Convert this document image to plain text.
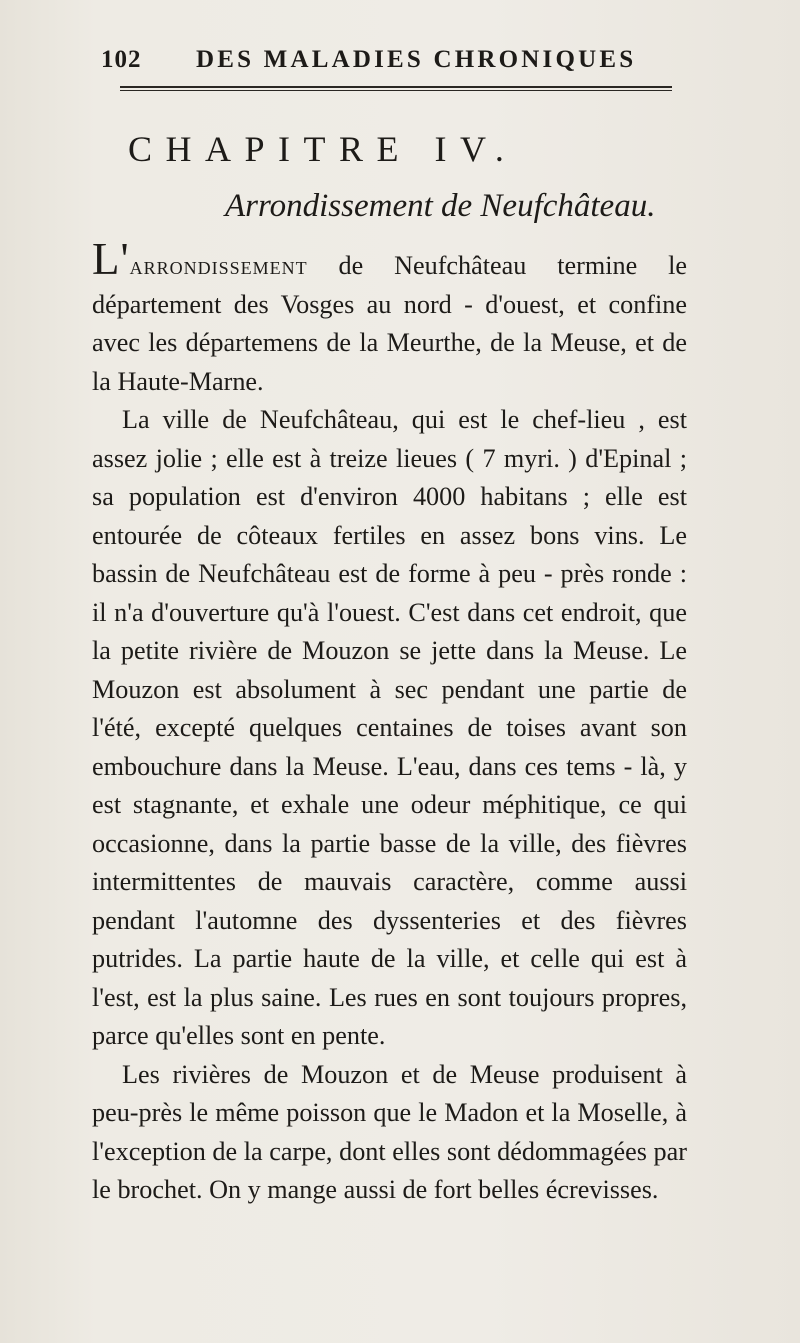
102 DES MALADIES CHRONIQUES
CHAPITRE IV.
Arrondissement de Neufchâteau.

L'arrondissement de Neufchâteau termine le département des Vosges au nord - d'ouest, et confine avec les départemens de la Meurthe, de la Meuse, et de la Haute-Marne.

La ville de Neufchâteau, qui est le chef-lieu , est assez jolie ; elle est à treize lieues ( 7 myri. ) d'Epinal ; sa population est d'environ 4000 habitans ; elle est entourée de côteaux fertiles en assez bons vins. Le bassin de Neufchâteau est de forme à peu - près ronde : il n'a d'ouverture qu'à l'ouest. C'est dans cet endroit, que la petite rivière de Mouzon se jette dans la Meuse. Le Mouzon est absolument à sec pendant une partie de l'été, excepté quelques centaines de toises avant son embouchure dans la Meuse. L'eau, dans ces tems - là, y est stagnante, et exhale une odeur méphitique, ce qui occasionne, dans la partie basse de la ville, des fièvres intermittentes de mauvais caractère, comme aussi pendant l'automne des dyssenteries et des fièvres putrides. La partie haute de la ville, et celle qui est à l'est, est la plus saine. Les rues en sont toujours propres, parce qu'elles sont en pente.

Les rivières de Mouzon et de Meuse produisent à peu-près le même poisson que le Madon et la Moselle, à l'exception de la carpe, dont elles sont dédommagées par le brochet. On y mange aussi de fort belles écrevisses.
